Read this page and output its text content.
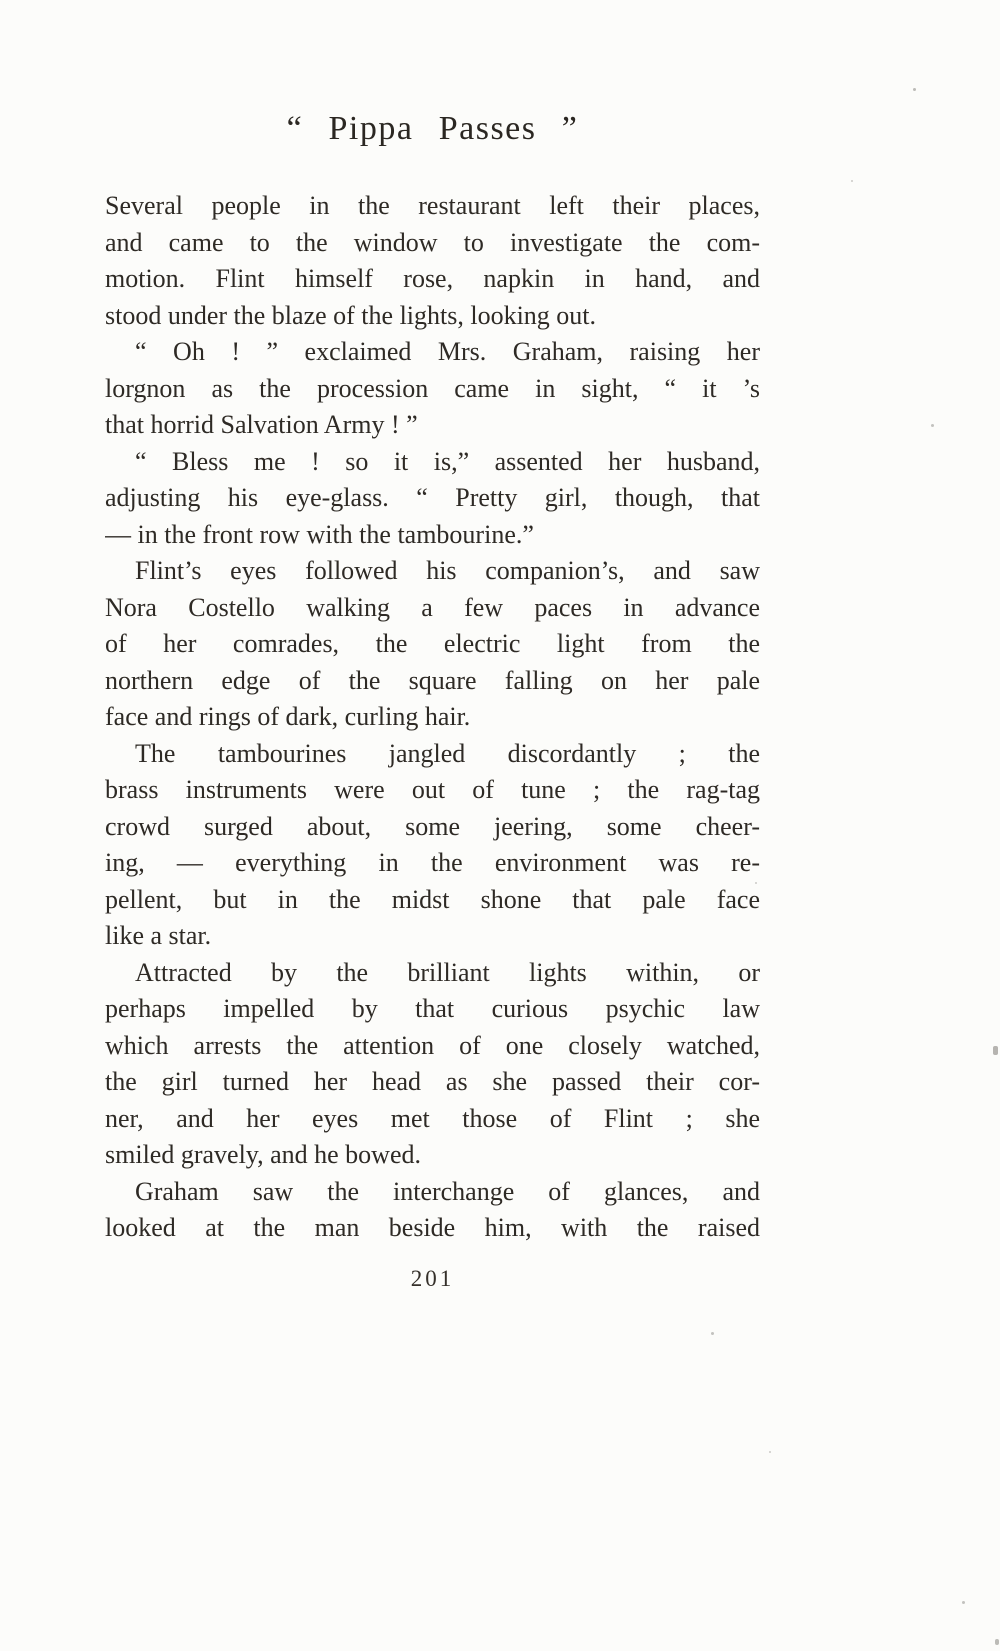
“ Pippa Passes ”
Several people in the restaurant left their places,
and came to the window to investigate the com-
motion. Flint himself rose, napkin in hand, and
stood under the blaze of the lights, looking out.
“ Oh ! ” exclaimed Mrs. Graham, raising her
lorgnon as the procession came in sight, “ it ’s
that horrid Salvation Army ! ”
“ Bless me ! so it is,” assented her husband,
adjusting his eye-glass. “ Pretty girl, though, that
— in the front row with the tambourine.”
Flint’s eyes followed his companion’s, and saw
Nora Costello walking a few paces in advance
of her comrades, the electric light from the
northern edge of the square falling on her pale
face and rings of dark, curling hair.
The tambourines jangled discordantly ; the
brass instruments were out of tune ; the rag-tag
crowd surged about, some jeering, some cheer-
ing, — everything in the environment was re-
pellent, but in the midst shone that pale face
like a star.
Attracted by the brilliant lights within, or
perhaps impelled by that curious psychic law
which arrests the attention of one closely watched,
the girl turned her head as she passed their cor-
ner, and her eyes met those of Flint ; she
smiled gravely, and he bowed.
Graham saw the interchange of glances, and
looked at the man beside him, with the raised
201
